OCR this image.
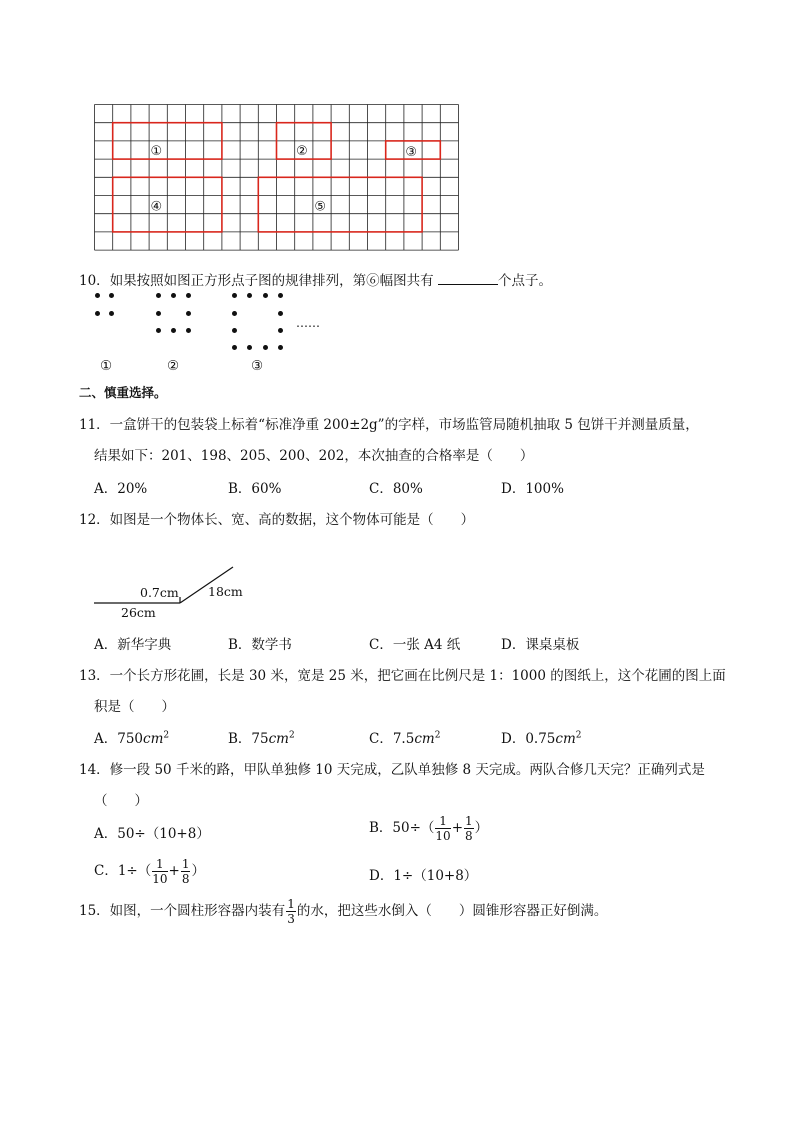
①	②	③
④	⑤
10．如果按照如图正方形点子图的规律排列，第⑥幅图共有	个点子。
……
①	②	③
二、慎重选择。
11．一盒饼干的包装袋上标着“标准净重 200±2g”的字样，市场监管局随机抽取 5 包饼干并测量质量，
结果如下：201、198、205、200、202，本次抽查的合格率是（　　）
A．20%	B．60%	C．80%	D．100%
12．如图是一个物体长、宽、高的数据，这个物体可能是（　　）
0.7cm 18cm
26cm
A．新华字典	B．数学书	C．一张 A4 纸	D．课桌桌板
13．一个长方形花圃，长是 30 米，宽是 25 米，把它画在比例尺是 1：1000 的图纸上，这个花圃的图上面
积是（　　）
A．$750cm^2$	B．$75cm^2$	C．$7.5cm^2$	D．$0.75cm^2$
14．修一段 50 千米的路，甲队单独修 10 天完成，乙队单独修 8 天完成。两队合修几天完？正确列式是
（　　）
A．50÷（10+8）	B．$50\div( \frac{1}{10} + \frac{1}{8}$ ）
C．$1\div( \frac{1}{10} + \frac{1}{8}$ ）	D．1÷（10+8）
15．如图，一个圆柱形容器内装有 $\frac{1}{3}$ 的水，把这些水倒入（　　）圆锥形容器正好倒满。
